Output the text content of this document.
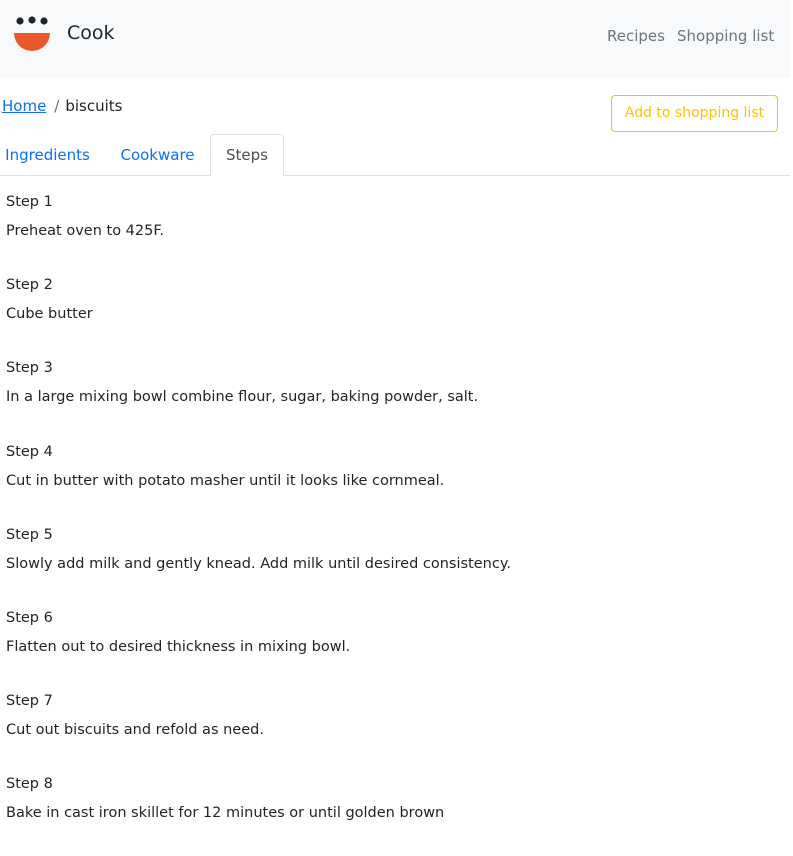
Cook	Recipes Shopping list
Home / biscuits	Add to shopping list
Ingredients	Cookware	Steps
Step 1
Preheat oven to 425F.
Step 2
Cube butter
Step 3
In a large mixing bowl combine flour, sugar, baking powder, salt.
Step 4
Cut in butter with potato masher until it looks like cornmeal.
Step 5
Slowly add milk and gently knead. Add milk until desired consistency.
Step 6
Flatten out to desired thickness in mixing bowl.
Step 7
Cut out biscuits and refold as need.
Step 8
Bake in cast iron skillet for 12 minutes or until golden brown
